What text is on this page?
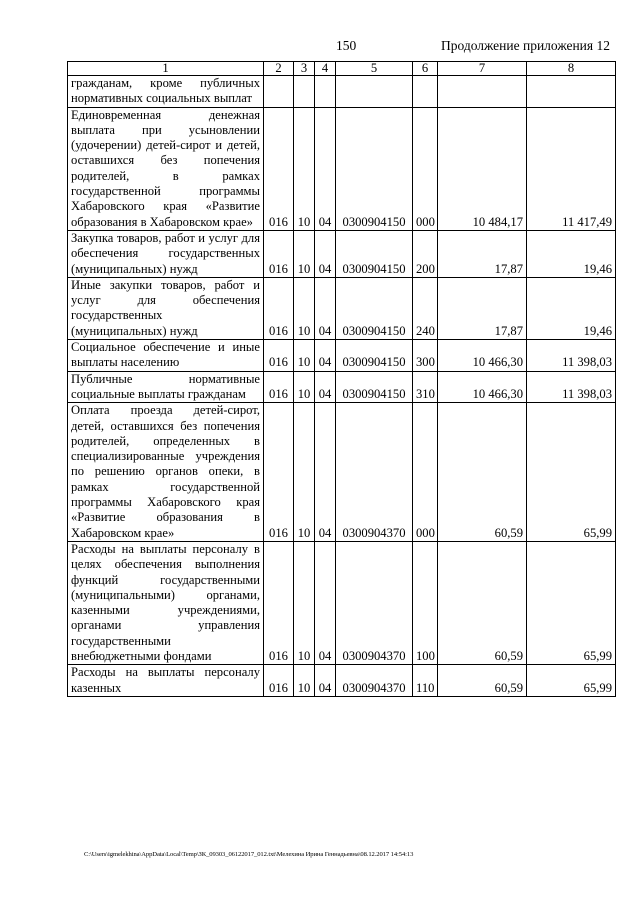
150	Продолжение приложения 12
1	2	3	4	5	6	7	8
гражданам, кроме публичных нормативных социальных выплат							
Единовременная денежная выплата при усыновлении (удочерении) детей-сирот и детей, оставшихся без попечения родителей, в рамках государственной программы Хабаровского края «Развитие образования в Хабаровском крае»	016	10	04	0300904150	000	10 484,17	11 417,49
Закупка товаров, работ и услуг для обеспечения государственных (муниципальных) нужд	016	10	04	0300904150	200	17,87	19,46
Иные закупки товаров, работ и услуг для обеспечения государственных (муниципальных) нужд	016	10	04	0300904150	240	17,87	19,46
Социальное обеспечение и иные выплаты населению	016	10	04	0300904150	300	10 466,30	11 398,03
Публичные нормативные социальные выплаты гражданам	016	10	04	0300904150	310	10 466,30	11 398,03
Оплата проезда детей-сирот, детей, оставшихся без попечения родителей, определенных в специализированные учреждения по решению органов опеки, в рамках государственной программы Хабаровского края «Развитие образования в Хабаровском крае»	016	10	04	0300904370	000	60,59	65,99
Расходы на выплаты персоналу в целях обеспечения выполнения функций государственными (муниципальными) органами, казенными учреждениями, органами управления государственными внебюджетными фондами	016	10	04	0300904370	100	60,59	65,99
Расходы на выплаты персоналу казенных	016	10	04	0300904370	110	60,59	65,99
C:\Users\igmelekhina\AppData\Local\Temp\ЗК_09303_06122017_012.txt\Мелехина Ирина Геннадьевна\08.12.2017 14:54:13
